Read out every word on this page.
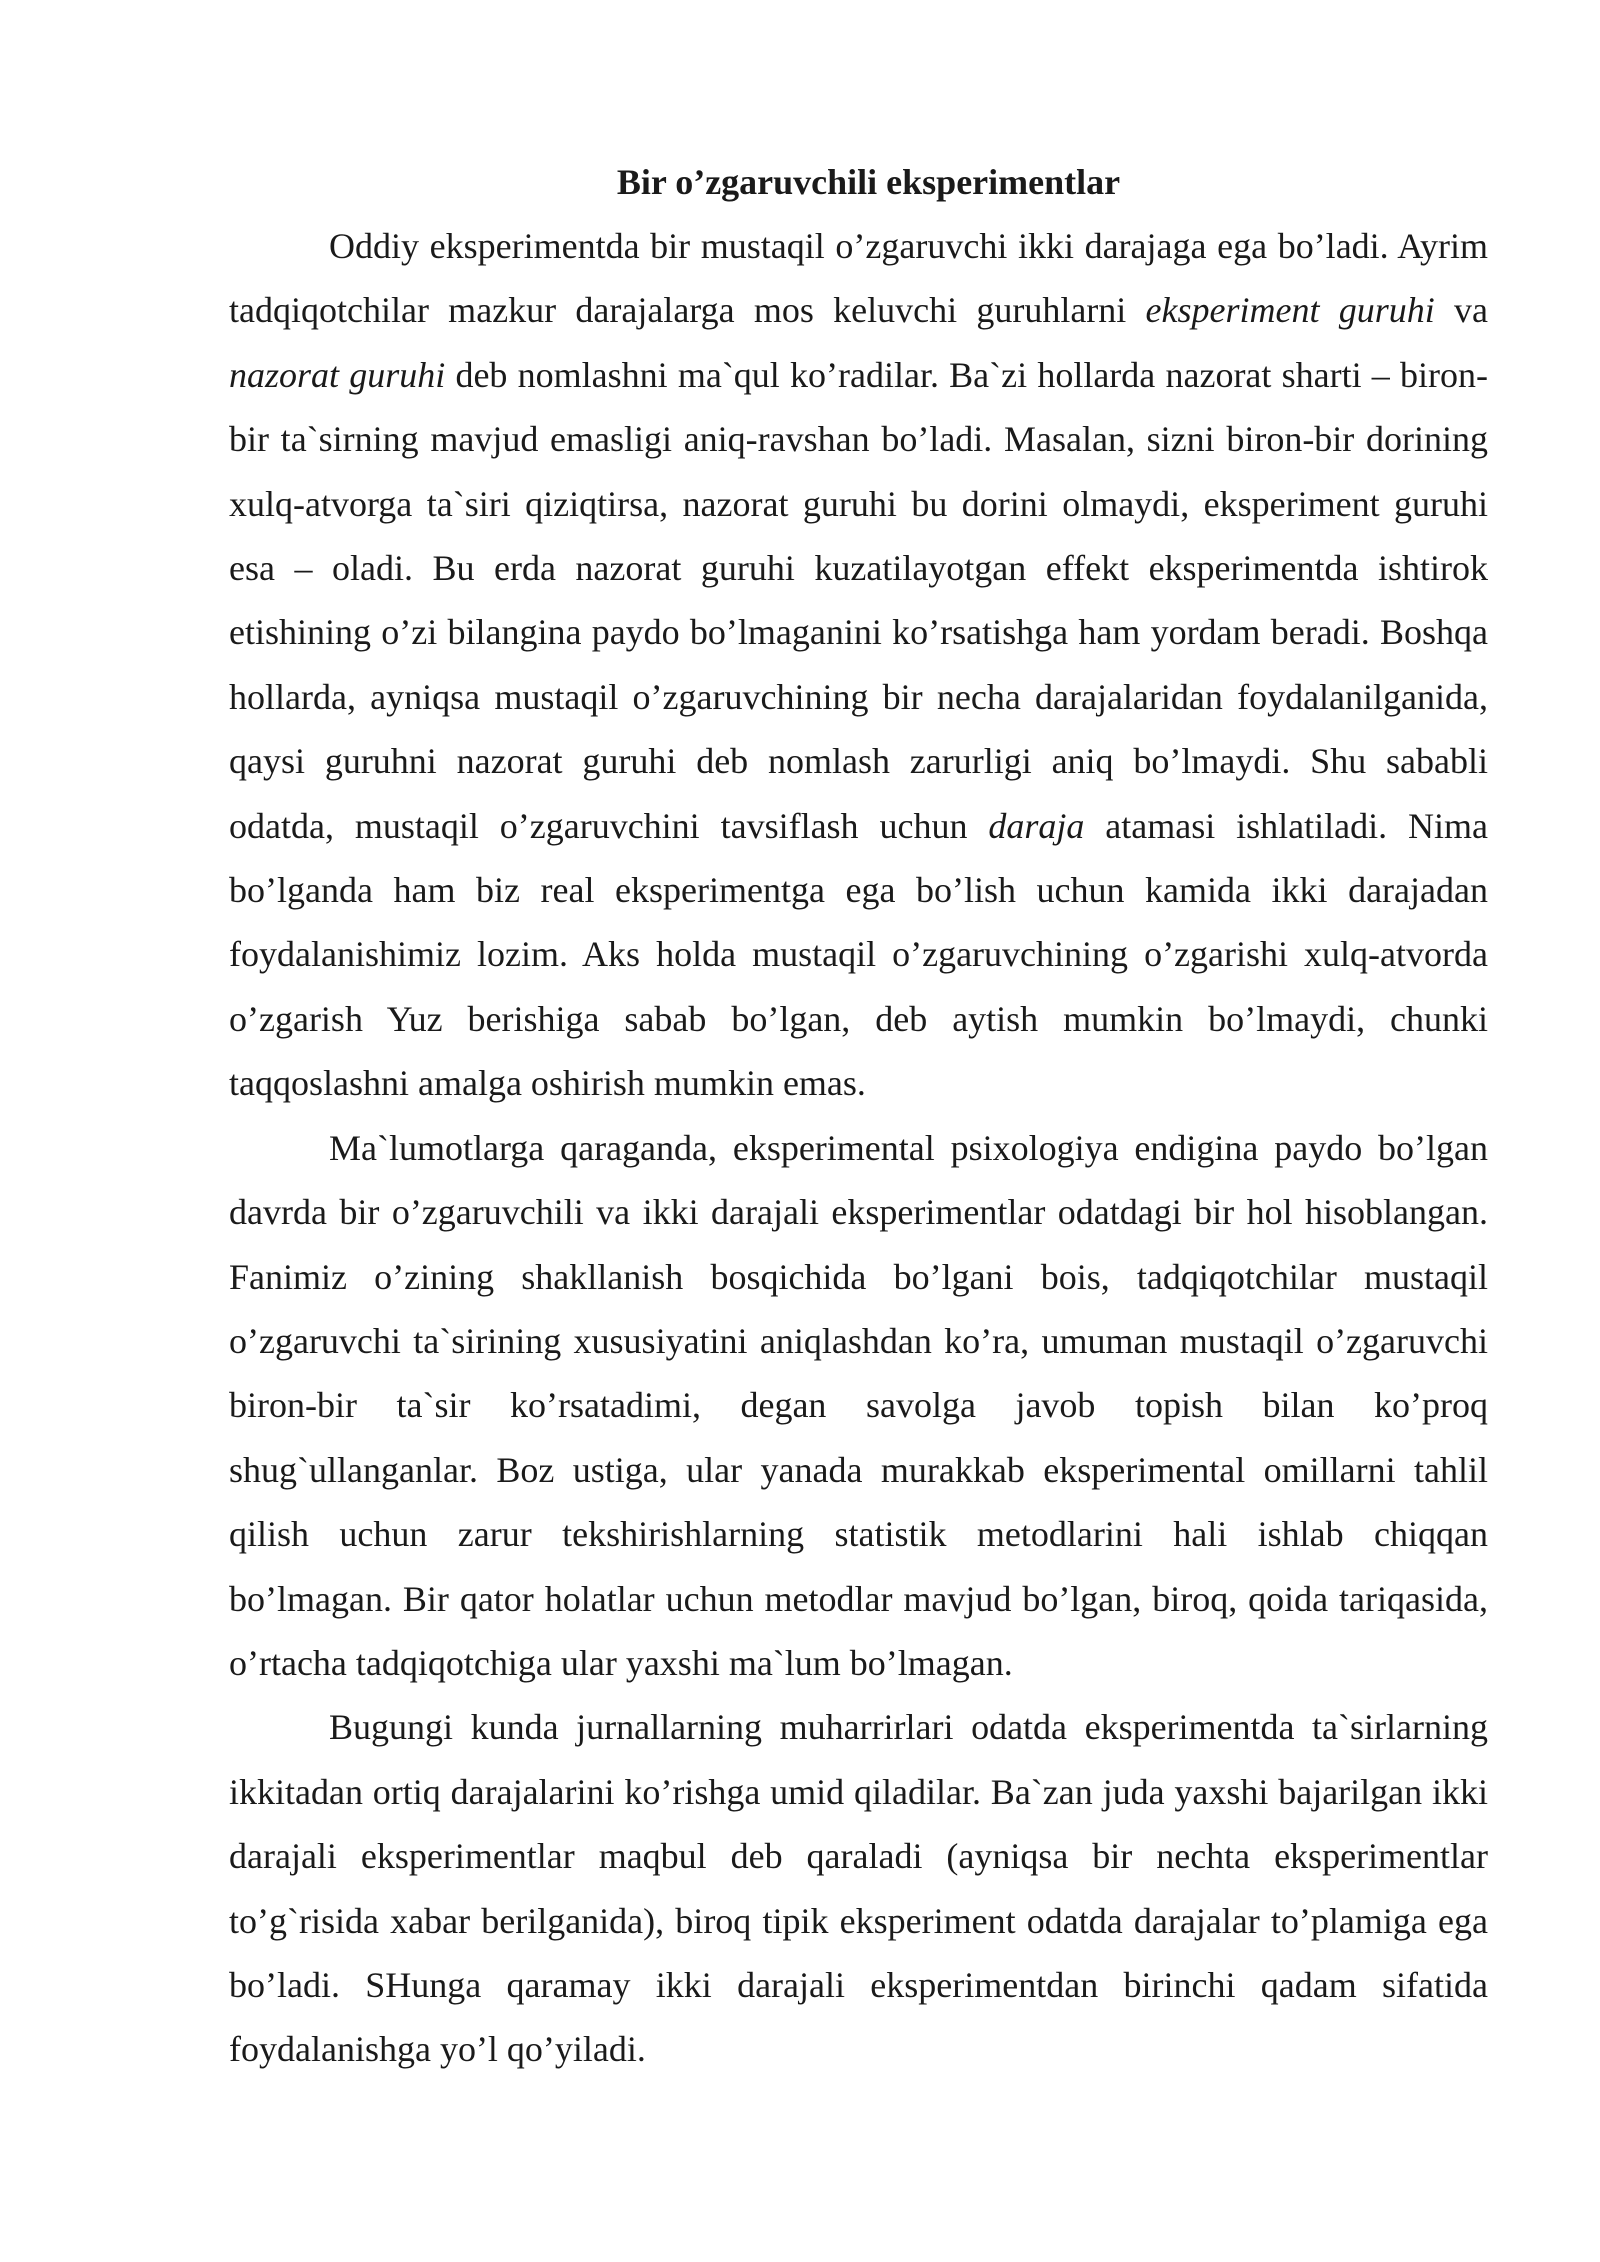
Bir o’zgaruvchili eksperimentlar

Oddiy eksperimentda bir mustaqil o’zgaruvchi ikki darajaga ega bo’ladi. Ayrim tadqiqotchilar mazkur darajalarga mos keluvchi guruhlarni eksperiment guruhi va nazorat guruhi deb nomlashni ma`qul ko’radilar. Ba`zi hollarda nazorat sharti – biron-bir ta`sirning mavjud emasligi aniq-ravshan bo’ladi. Masalan, sizni biron-bir dorining xulq-atvorga ta`siri qiziqtirsa, nazorat guruhi bu dorini olmaydi, eksperiment guruhi esa – oladi. Bu erda nazorat guruhi kuzatilayotgan effekt eksperimentda ishtirok etishining o’zi bilangina paydo bo’lmaganini ko’rsatishga ham yordam beradi. Boshqa hollarda, ayniqsa mustaqil o’zgaruvchining bir necha darajalaridan foydalanilganida, qaysi guruhni nazorat guruhi deb nomlash zarurligi aniq bo’lmaydi. Shu sababli odatda, mustaqil o’zgaruvchini tavsiflash uchun daraja atamasi ishlatiladi. Nima bo’lganda ham biz real eksperimentga ega bo’lish uchun kamida ikki darajadan foydalanishimiz lozim. Aks holda mustaqil o’zgaruvchining o’zgarishi xulq-atvorda o’zgarish Yuz berishiga sabab bo’lgan, deb aytish mumkin bo’lmaydi, chunki taqqoslashni amalga oshirish mumkin emas.

Ma`lumotlarga qaraganda, eksperimental psixologiya endigina paydo bo’lgan davrda bir o’zgaruvchili va ikki darajali eksperimentlar odatdagi bir hol hisoblangan. Fanimiz o’zining shakllanish bosqichida bo’lgani bois, tadqiqotchilar mustaqil o’zgaruvchi ta`sirining xususiyatini aniqlashdan ko’ra, umuman mustaqil o’zgaruvchi biron-bir ta`sir ko’rsatadimi, degan savolga javob topish bilan ko’proq shug`ullanganlar. Boz ustiga, ular yanada murakkab eksperimental omillarni tahlil qilish uchun zarur tekshirishlarning statistik metodlarini hali ishlab chiqqan bo’lmagan. Bir qator holatlar uchun metodlar mavjud bo’lgan, biroq, qoida tariqasida, o’rtacha tadqiqotchiga ular yaxshi ma`lum bo’lmagan.

Bugungi kunda jurnallarning muharrirlari odatda eksperimentda ta`sirlarning ikkitadan ortiq darajalarini ko’rishga umid qiladilar. Ba`zan juda yaxshi bajarilgan ikki darajali eksperimentlar maqbul deb qaraladi (ayniqsa bir nechta eksperimentlar to’g`risida xabar berilganida), biroq tipik eksperiment odatda darajalar to’plamiga ega bo’ladi. SHunga qaramay ikki darajali eksperimentdan birinchi qadam sifatida foydalanishga yo’l qo’yiladi.
